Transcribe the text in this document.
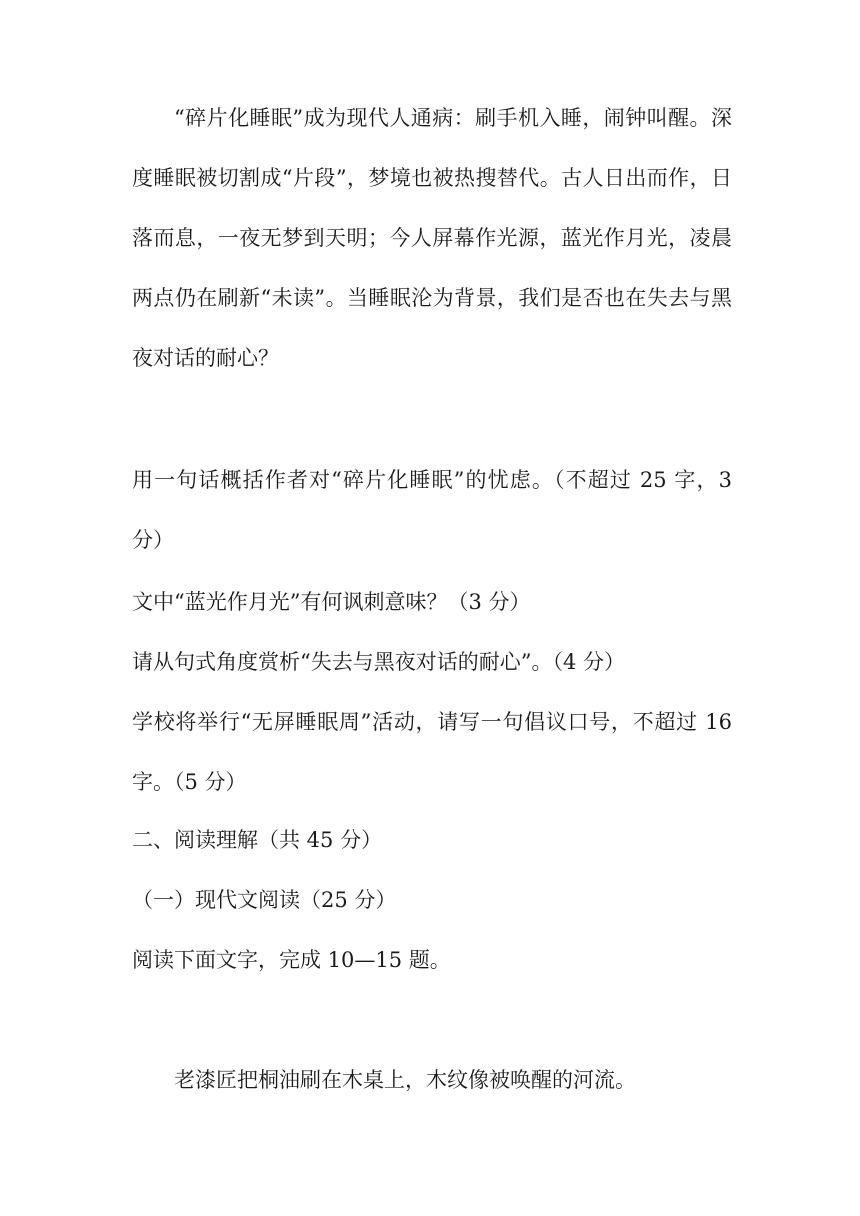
“碎片化睡眠”成为现代人通病：刷手机入睡，闹钟叫醒。深度睡眠被切割成“片段”，梦境也被热搜替代。古人日出而作，日落而息，一夜无梦到天明；今人屏幕作光源，蓝光作月光，凌晨两点仍在刷新“未读”。当睡眠沦为背景，我们是否也在失去与黑夜对话的耐心？

用一句话概括作者对“碎片化睡眠”的忧虑。（不超过 25 字，3 分）

文中“蓝光作月光”有何讽刺意味？（3 分）

请从句式角度赏析“失去与黑夜对话的耐心”。（4 分）

学校将举行“无屏睡眠周”活动，请写一句倡议口号，不超过 16 字。（5 分）

二、阅读理解（共 45 分）

（一）现代文阅读（25 分）

阅读下面文字，完成 10—15 题。

老漆匠把桐油刷在木桌上，木纹像被唤醒的河流。
